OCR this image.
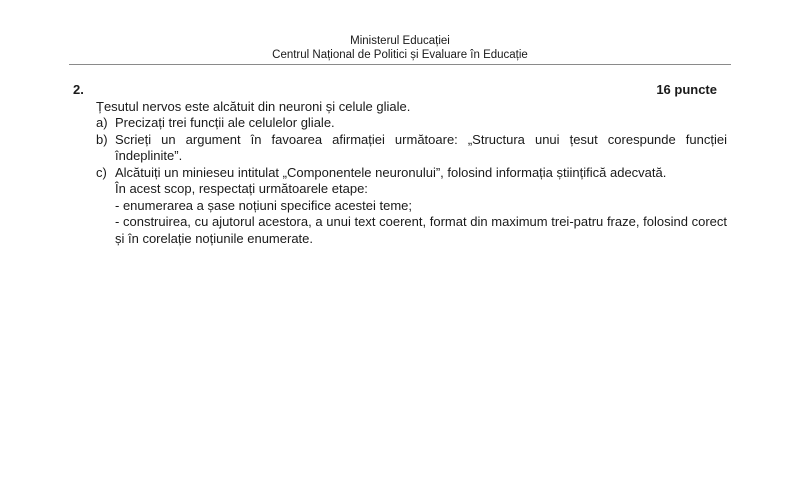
Ministerul Educației
Centrul Național de Politici și Evaluare în Educație
2.	16 puncte
Țesutul nervos este alcătuit din neuroni și celule gliale.
a) Precizați trei funcții ale celulelor gliale.
b) Scrieți un argument în favoarea afirmației următoare: „Structura unui țesut corespunde funcției îndeplinite”.
c) Alcătuiți un minieseu intitulat „Componentele neuronului”, folosind informația științifică adecvată.
În acest scop, respectați următoarele etape:
- enumerarea a șase noțiuni specifice acestei teme;
- construirea, cu ajutorul acestora, a unui text coerent, format din maximum trei-patru fraze, folosind corect și în corelație noțiunile enumerate.
